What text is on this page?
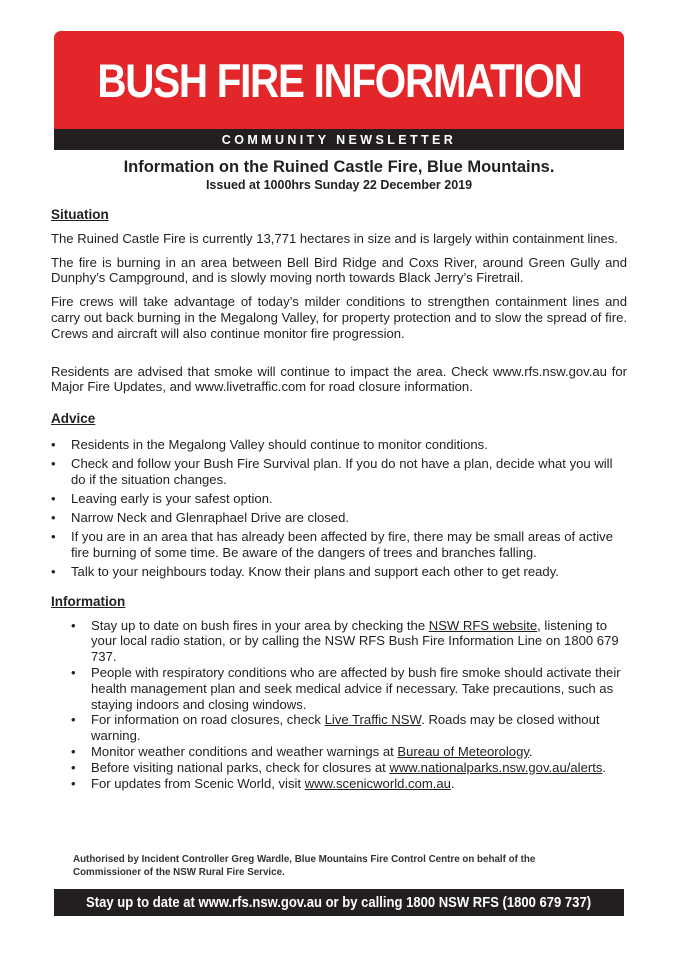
BUSH FIRE INFORMATION
COMMUNITY NEWSLETTER

Information on the Ruined Castle Fire, Blue Mountains.

Issued at 1000hrs Sunday 22 December 2019

Situation

The Ruined Castle Fire is currently 13,771 hectares in size and is largely within containment lines.

The fire is burning in an area between Bell Bird Ridge and Coxs River, around Green Gully and Dunphy’s Campground, and is slowly moving north towards Black Jerry’s Firetrail.

Fire crews will take advantage of today’s milder conditions to strengthen containment lines and carry out back burning in the Megalong Valley, for property protection and to slow the spread of fire. Crews and aircraft will also continue monitor fire progression.

Residents are advised that smoke will continue to impact the area. Check www.rfs.nsw.gov.au for Major Fire Updates, and www.livetraffic.com for road closure information.

Advice

• Residents in the Megalong Valley should continue to monitor conditions.
• Check and follow your Bush Fire Survival plan. If you do not have a plan, decide what you will do if the situation changes.
• Leaving early is your safest option.
• Narrow Neck and Glenraphael Drive are closed.
• If you are in an area that has already been affected by fire, there may be small areas of active fire burning of some time. Be aware of the dangers of trees and branches falling.
• Talk to your neighbours today. Know their plans and support each other to get ready.

Information

• Stay up to date on bush fires in your area by checking the NSW RFS website, listening to your local radio station, or by calling the NSW RFS Bush Fire Information Line on 1800 679 737.
• People with respiratory conditions who are affected by bush fire smoke should activate their health management plan and seek medical advice if necessary. Take precautions, such as staying indoors and closing windows.
• For information on road closures, check Live Traffic NSW. Roads may be closed without warning.
• Monitor weather conditions and weather warnings at Bureau of Meteorology.
• Before visiting national parks, check for closures at www.nationalparks.nsw.gov.au/alerts.
• For updates from Scenic World, visit www.scenicworld.com.au.
Authorised by Incident Controller Greg Wardle, Blue Mountains Fire Control Centre on behalf of the Commissioner of the NSW Rural Fire Service.
Stay up to date at www.rfs.nsw.gov.au or by calling 1800 NSW RFS (1800 679 737)
